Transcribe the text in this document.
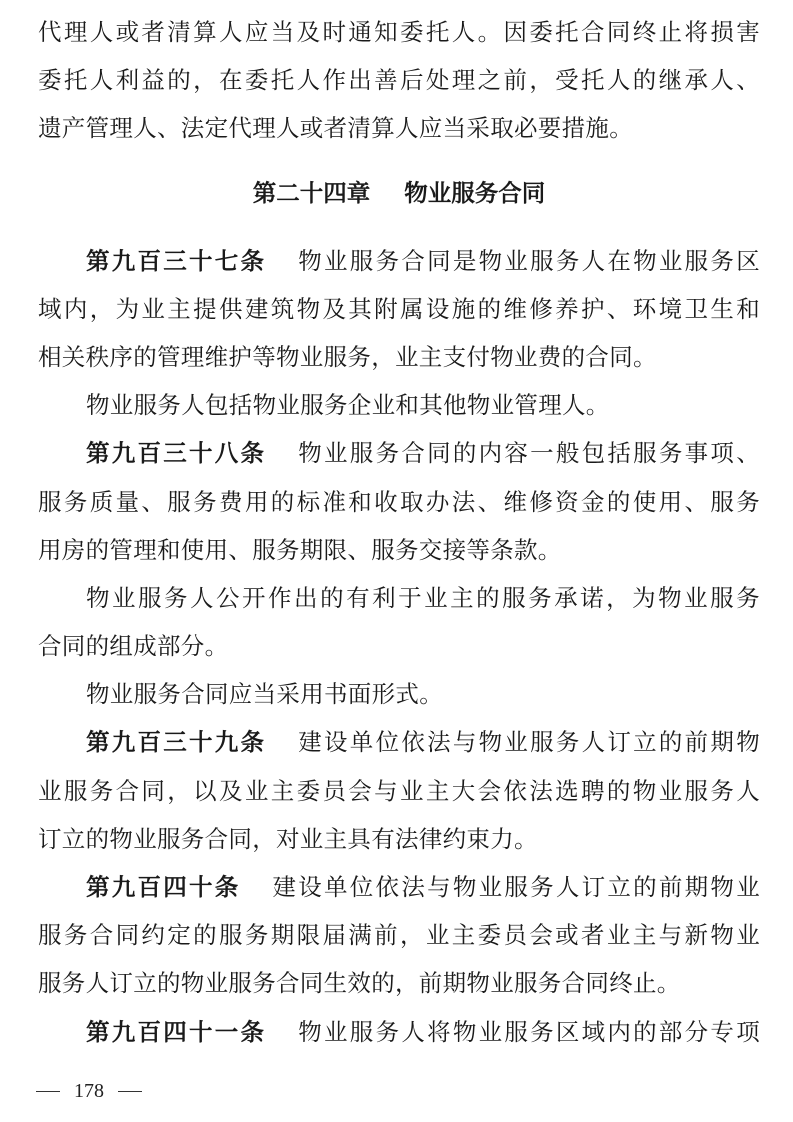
代理人或者清算人应当及时通知委托人。因委托合同终止将损害
委托人利益的，在委托人作出善后处理之前，受托人的继承人、
遗产管理人、法定代理人或者清算人应当采取必要措施。
第二十四章 物业服务合同
第九百三十七条 物业服务合同是物业服务人在物业服务区
域内，为业主提供建筑物及其附属设施的维修养护、环境卫生和
相关秩序的管理维护等物业服务，业主支付物业费的合同。
物业服务人包括物业服务企业和其他物业管理人。
第九百三十八条 物业服务合同的内容一般包括服务事项、
服务质量、服务费用的标准和收取办法、维修资金的使用、服务
用房的管理和使用、服务期限、服务交接等条款。
物业服务人公开作出的有利于业主的服务承诺，为物业服务
合同的组成部分。
物业服务合同应当采用书面形式。
第九百三十九条 建设单位依法与物业服务人订立的前期物
业服务合同，以及业主委员会与业主大会依法选聘的物业服务人
订立的物业服务合同，对业主具有法律约束力。
第九百四十条 建设单位依法与物业服务人订立的前期物业
服务合同约定的服务期限届满前，业主委员会或者业主与新物业
服务人订立的物业服务合同生效的，前期物业服务合同终止。
第九百四十一条 物业服务人将物业服务区域内的部分专项
178
